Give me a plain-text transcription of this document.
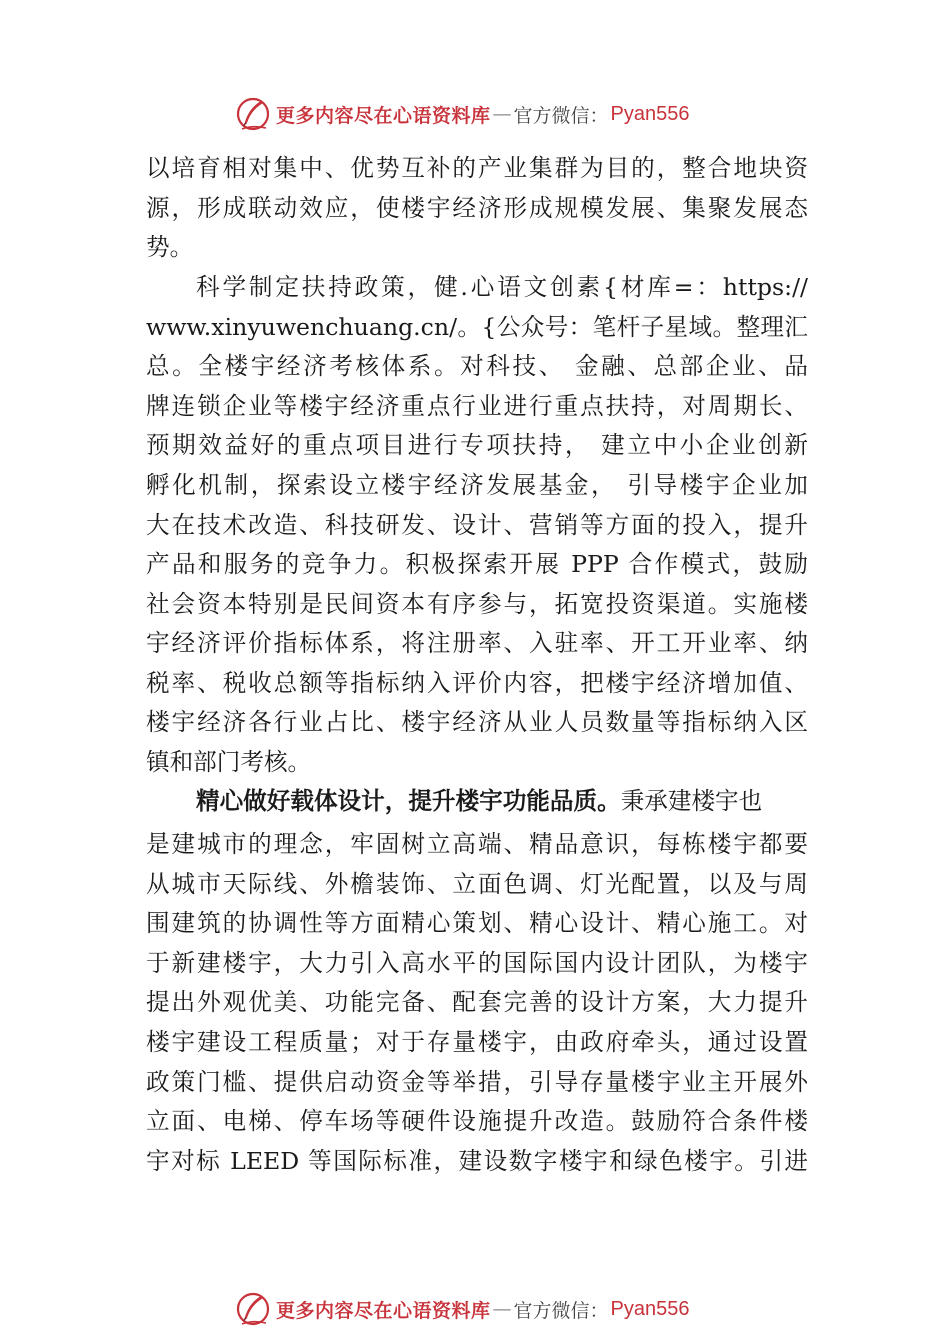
更多内容尽在心语资料库 — 官方微信： Pyan556
以培育相对集中、优势互补的产业集群为目的，整合地块资
源，形成联动效应，使楼宇经济形成规模发展、集聚发展态
势。
科学制定扶持政策，健.心语文创素{材库=：https://
www.xinyuwenchuang.cn/。{公众号：笔杆子星域。整理汇
总。全楼宇经济考核体系。对科技、 金融、总部企业、品
牌连锁企业等楼宇经济重点行业进行重点扶持，对周期长、
预期效益好的重点项目进行专项扶持， 建立中小企业创新
孵化机制，探索设立楼宇经济发展基金， 引导楼宇企业加
大在技术改造、科技研发、设计、营销等方面的投入，提升
产品和服务的竞争力。积极探索开展 PPP 合作模式，鼓励
社会资本特别是民间资本有序参与，拓宽投资渠道。实施楼
宇经济评价指标体系，将注册率、入驻率、开工开业率、纳
税率、税收总额等指标纳入评价内容，把楼宇经济增加值、
楼宇经济各行业占比、楼宇经济从业人员数量等指标纳入区
镇和部门考核。
精心做好载体设计，提升楼宇功能品质。秉承建楼宇也
是建城市的理念，牢固树立高端、精品意识，每栋楼宇都要
从城市天际线、外檐装饰、立面色调、灯光配置，以及与周
围建筑的协调性等方面精心策划、精心设计、精心施工。对
于新建楼宇，大力引入高水平的国际国内设计团队，为楼宇
提出外观优美、功能完备、配套完善的设计方案，大力提升
楼宇建设工程质量；对于存量楼宇，由政府牵头，通过设置
政策门槛、提供启动资金等举措，引导存量楼宇业主开展外
立面、电梯、停车场等硬件设施提升改造。鼓励符合条件楼
宇对标 LEED 等国际标准，建设数字楼宇和绿色楼宇。引进
更多内容尽在心语资料库 — 官方微信： Pyan556
